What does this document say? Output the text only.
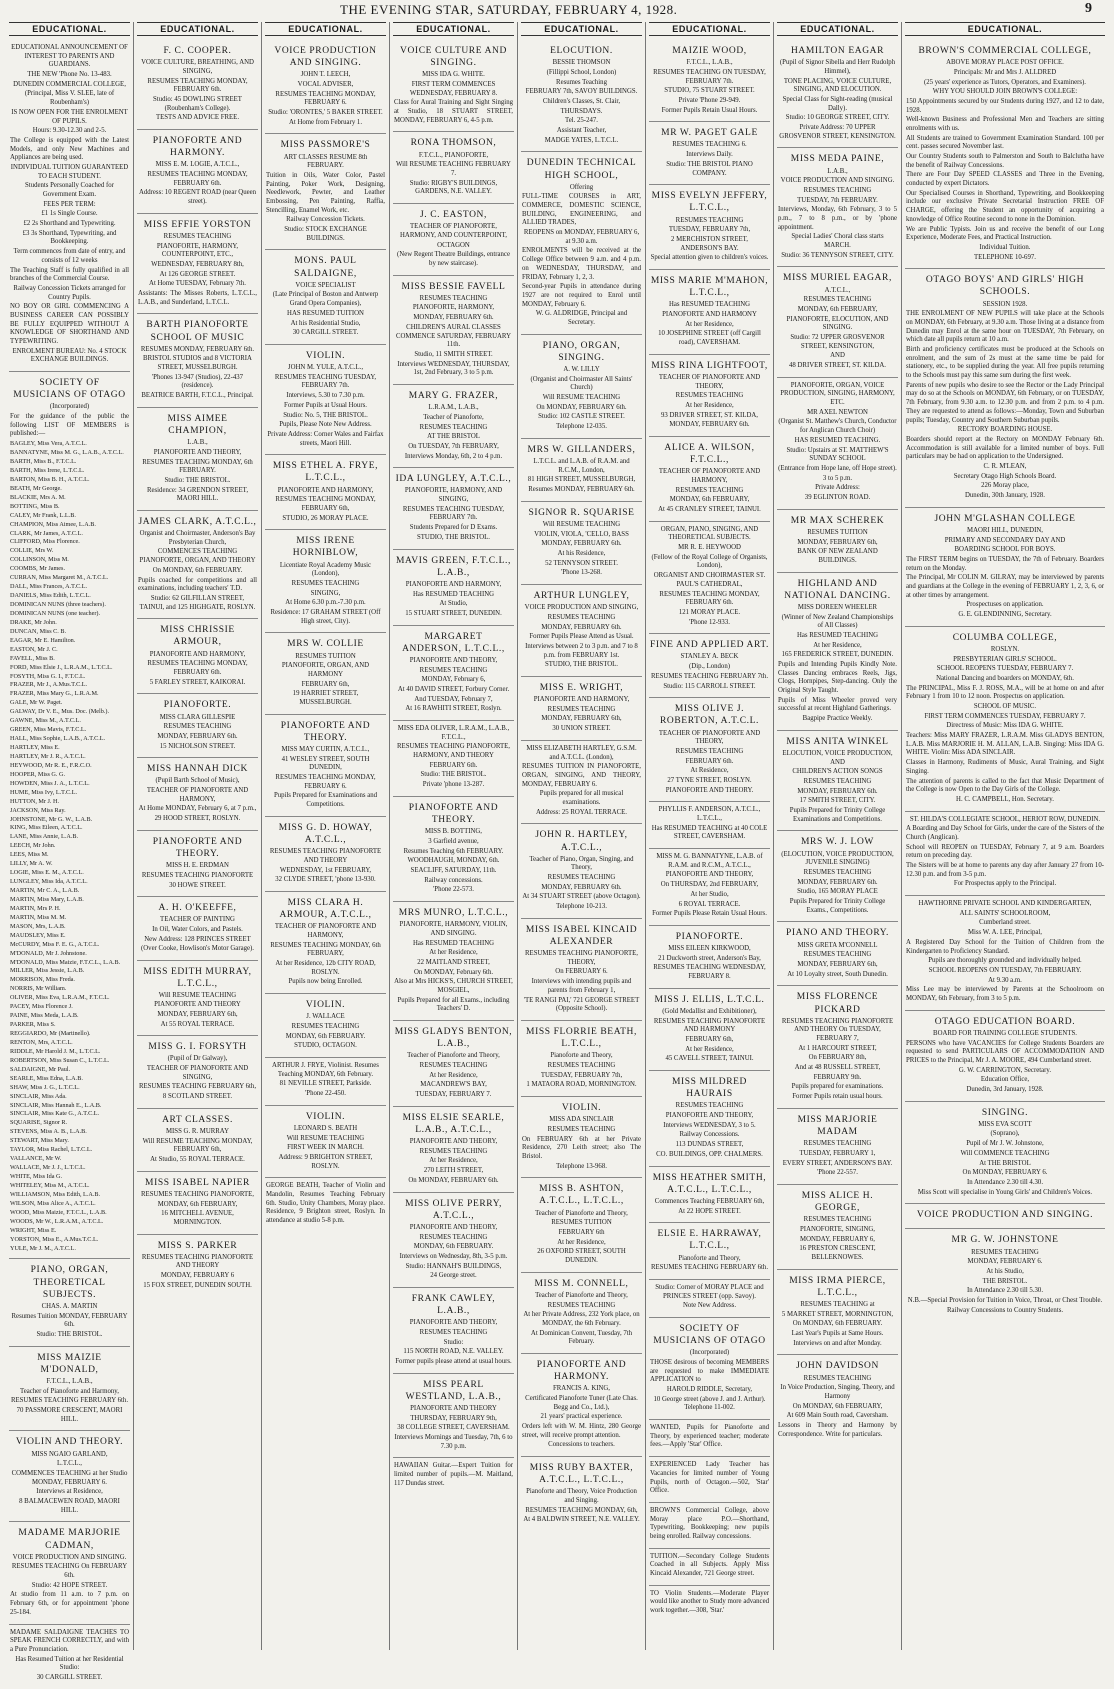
THE EVENING STAR, SATURDAY, FEBRUARY 4, 1928.	9
EDUCATIONAL.

EDUCATIONAL ANNOUNCEMENT OF INTEREST TO PARENTS AND GUARDIANS.

THE NEW 'Phone No. 13-483.

DUNEDIN COMMERCIAL COLLEGE,

(Principal, Miss V. SLEE, late of Roubenham's)

IS NOW OPEN FOR THE ENROLMENT OF PUPILS.

Hours: 9.30-12.30 and 2-5.

The College is equipped with the Latest Models, and only New Machines and Appliances are being used.

INDIVIDUAL TUITION GUARANTEED TO EACH STUDENT.

Students Personally Coached for Government Exam.

FEES PER TERM:

£1 1s Single Course.

£2 2s Shorthand and Typewriting.

£3 3s Shorthand, Typewriting, and Bookkeeping.

Term commences from date of entry, and consists of 12 weeks

The Teaching Staff is fully qualified in all branches of the Commercial Course.

Railway Concession Tickets arranged for Country Pupils.

NO BOY OR GIRL COMMENCING A BUSINESS CAREER CAN POSSIBLY BE FULLY EQUIPPED WITHOUT A KNOWLEDGE OF SHORTHAND AND TYPEWRITING.

ENROLMENT BUREAU: No. 4 STOCK EXCHANGE BUILDINGS.

SOCIETY OF MUSICIANS OF OTAGO

(Incorporated)

For the guidance of the public the following LIST OF MEMBERS is published:—

BAGLEY, Miss Vera, A.T.C.L.

BANNATYNE, Miss M. G., L.A.B., A.T.C.L.

BARTH, Miss B., F.T.C.L.

BARTH, Miss Irene, L.T.C.L.

BARTON, Miss B. H., A.T.C.L.

BEATH, Mr George.

BLACKIE, Mrs A. M.

BOTTING, Miss B.

CALEY, Mr Frank, L.L.B.

CHAMPION, Miss Aimee, L.A.B.

CLARK, Mr James, A.T.C.L.

CLIFFORD, Miss Florence.

COLLIE, Mrs W.

COLLINSON, Miss M.

COOMBS, Mr James.

CURRAN, Miss Margaret M., A.T.C.L.

DALL, Miss Frances, A.T.C.L.

DANIELS, Miss Edith, L.T.C.L.

DOMINICAN NUNS (three teachers).

DOMINICAN NUNS (one teacher).

DRAKE, Mr John.

DUNCAN, Miss C. B.

EAGAR, Mr E. Hamilton.

EASTON, Mr J. C.

FAVELL, Miss B.

FORD, Miss Elsie J., L.R.A.M., L.T.C.L.

FOSYTH, Miss G. I., F.T.C.L.

FRAZER, Mr J., A.Mus.T.C.L.

FRAZER, Miss Mary G., L.R.A.M.

GALE, Mr W. Paget.

GALWAY, Dr V. E., Mus. Doc. (Melb.).

GAWNE, Miss M., A.T.C.L.

GREEN, Miss Mavis, F.T.C.L.

HALL, Miss Sophie, L.A.B., A.T.C.L.

HARTLEY, Miss E.

HARTLEY, Mr J. R., A.T.C.L.

HEYWOOD, Mr R. E., F.R.C.O.

HOOPER, Miss G. G.

HOWDEN, Miss J. A., L.T.C.L.

HUME, Miss Ivy, L.T.C.L.

HUTTON, Mr J. H.

JACKSON, Miss Ray.

JOHNSTONE, Mr G. W., L.A.B.

KING, Miss Eileen, A.T.C.L.

LANE, Miss Annie, L.A.B.

LEECH, Mr John.

LEES, Miss M.

LILLY, Mr A. W.

LOGIE, Miss E. M., A.T.C.L.

LUNGLEY, Miss Ida, A.T.C.L.

MARTIN, Mr C. A., L.A.B.

MARTIN, Miss Mary, L.A.B.

MARTIN, Mrs P. H.

MARTIN, Miss M. M.

MASON, Mrs, L.A.B.

MAUDSLEY, Miss E.

McCURDY, Miss F. E. G., A.T.C.L.

M'DONALD, Mr J. Johnstone.

M'DONALD, Miss Maizie, F.T.C.L., L.A.B.

MILLER, Miss Jessie, L.A.B.

MORRISON, Miss Freda.

NORRIS, Mr William.

OLIVER, Miss Eva, L.R.A.M., F.T.C.L.

PACEY, Miss Florence J.

PAINE, Miss Meda, L.A.B.

PARKER, Miss S.

REGGIARDO, Mr (Martinello).

RENTON, Mrs, A.T.C.L.

RIDDLE, Mr Harold J. M., L.T.C.L.

ROBERTSON, Miss Susan C., L.T.C.L.

SALDAIGNE, Mr Paul.

SEARLE, Miss Edna, L.A.B.

SHAW, Miss J. G., L.T.C.L.

SINCLAIR, Miss Ada.

SINCLAIR, Miss Hannah E., L.A.B.

SINCLAIR, Miss Kate G., A.T.C.L.

SQUARISE, Signor R.

STEVENS, Miss A. B., L.A.B.

STEWART, Miss Mary.

TAYLOR, Miss Rachel, L.T.C.L.

VALLANCE, Mr W.

WALLACE, Mr J. J., L.T.C.L.

WHITE, Miss Ida G.

WHITELEY, Miss M., A.T.C.L.

WILLIAMSON, Miss Edith, L.A.B.

WILSON, Miss Alice A., A.T.C.L.

WOOD, Miss Maizie, F.T.C.L., L.A.B.

WOODS, Mr W., L.R.A.M., A.T.C.L.

WRIGHT, Miss E.

YORSTON, Miss E., A.Mus.T.C.L.

YULE, Mr J. M., A.T.C.L.

PIANO, ORGAN, THEORETICAL SUBJECTS.

CHAS. A. MARTIN

Resumes Tuition MONDAY, FEBRUARY 6th.

Studio: THE BRISTOL.

MISS MAIZIE M'DONALD,

F.T.C.L., L.A.B.,

Teacher of Pianoforte and Harmony,

RESUMES TEACHING FEBRUARY 6th.

70 PASSMORE CRESCENT, MAORI HILL.

VIOLIN AND THEORY.

MISS NGAIO GARLAND,

L.T.C.L.,

COMMENCES TEACHING at her Studio MONDAY, FEBRUARY 6.

Interviews at Residence,

8 BALMACEWEN ROAD, MAORI HILL.

MADAME MARJORIE CADMAN,

VOICE PRODUCTION AND SINGING.

RESUMES TEACHING On FEBRUARY 6th.

Studio: 42 HOPE STREET.

At studio from 11 a.m. to 7 p.m. on February 6th, or for appointment 'phone 25-184.

MADAME SALDAIGNE TEACHES TO SPEAK FRENCH CORRECTLY, and with a Pure Pronunciation.

Has Resumed Tuition at her Residential Studio:

30 CARGILL STREET.

EDUCATIONAL.

F. C. COOPER.

VOICE CULTURE, BREATHING, AND SINGING,

RESUMES TEACHING MONDAY, FEBRUARY 6th.

Studio: 45 DOWLING STREET (Roubenham's College).

TESTS AND ADVICE FREE.

PIANOFORTE AND HARMONY.

MISS E. M. LOGIE, A.T.C.L.,

RESUMES TEACHING MONDAY, FEBRUARY 6th.

Address: 10 REGENT ROAD (near Queen street).

MISS EFFIE YORSTON

RESUMES TEACHING

PIANOFORTE, HARMONY, COUNTERPOINT, ETC.,

WEDNESDAY, FEBRUARY 8th,

At 126 GEORGE STREET.

At Home TUESDAY, February 7th.

Assistants: The Misses Roberts, L.T.C.L., L.A.B., and Sunderland, L.T.C.L.

BARTH PIANOFORTE SCHOOL OF MUSIC

RESUMES MONDAY, FEBRUARY 6th.

BRISTOL STUDIOS and 8 VICTORIA STREET, MUSSELBURGH.

'Phones 13-947 (Studios), 22-437 (residence).

BEATRICE BARTH, F.T.C.L., Principal.

MISS AIMEE CHAMPION,

L.A.B.,

PIANOFORTE AND THEORY,

RESUMES TEACHING MONDAY, 6th FEBRUARY.

Studio: THE BRISTOL.

Residence: 34 GRENDON STREET, MAORI HILL.

JAMES CLARK, A.T.C.L.,

Organist and Choirmaster, Anderson's Bay Presbyterian Church,

COMMENCES TEACHING PIANOFORTE, ORGAN, AND THEORY

On MONDAY, 6th FEBRUARY.

Pupils coached for competitions and all examinations, including teachers' T.D.

Studio: 62 GILFILLAN STREET, TAINUI, and 125 HIGHGATE, ROSLYN.

MISS CHRISSIE ARMOUR,

PIANOFORTE AND HARMONY,

RESUMES TEACHING MONDAY, FEBRUARY 6th.

5 FARLEY STREET, KAIKORAI.

PIANOFORTE.

MISS CLARA GILLESPIE

RESUMES TEACHING

MONDAY, FEBRUARY 6th.

15 NICHOLSON STREET.

MISS HANNAH DICK

(Pupil Barth School of Music),

TEACHER OF PIANOFORTE AND HARMONY,

At Home MONDAY, February 6, at 7 p.m.,

29 HOOD STREET, ROSLYN.

PIANOFORTE AND THEORY.

MISS H. E. ERDMAN

RESUMES TEACHING PIANOFORTE

30 HOWE STREET.

A. H. O'KEEFFE,

TEACHER OF PAINTING

In Oil, Water Colors, and Pastels.

New Address: 128 PRINCES STREET

(Over Cooke, Howlison's Motor Garage).

MISS EDITH MURRAY, L.T.C.L.,

Will RESUME TEACHING PIANOFORTE AND THEORY

MONDAY, FEBRUARY 6th,

At 55 ROYAL TERRACE.

MISS G. I. FORSYTH

(Pupil of Dr Galway),

TEACHER OF PIANOFORTE AND SINGING,

RESUMES TEACHING FEBRUARY 6th,

8 SCOTLAND STREET.

ART CLASSES.

MISS G. R. MURRAY

Will RESUME TEACHING MONDAY, FEBRUARY 6th,

At Studio, 55 ROYAL TERRACE.

MISS ISABEL NAPIER

RESUMES TEACHING PIANOFORTE,

MONDAY, 6th FEBRUARY,

16 MITCHELL AVENUE, MORNINGTON.

MISS S. PARKER

RESUMES TEACHING PIANOFORTE AND THEORY

MONDAY, FEBRUARY 6

15 FOX STREET, DUNEDIN SOUTH.

EDUCATIONAL.

VOICE PRODUCTION AND SINGING.

JOHN T. LEECH,

VOCAL ADVISER,

RESUMES TEACHING MONDAY, FEBRUARY 6.

Studio: 'ORONTES,' 5 BAKER STREET.

At Home from February 1.

MISS PASSMORE'S

ART CLASSES RESUME 8th FEBRUARY.

Tuition in Oils, Water Color, Pastel Painting, Poker Work, Designing, Needlework, Pewter, and Leather Embossing, Pen Painting, Raffia, Stencilling, Enamel Work, etc.

Railway Concession Tickets.

Studio: STOCK EXCHANGE BUILDINGS.

MONS. PAUL SALDAIGNE,

VOICE SPECIALIST

(Late Principal of Boston and Antwerp Grand Opera Companies),

HAS RESUMED TUITION

At his Residential Studio,

30 CARGILL STREET.

VIOLIN.

JOHN M. YULE, A.T.C.L.,

RESUMES TEACHING TUESDAY, FEBRUARY 7th.

Interviews, 5.30 to 7.30 p.m.

Former Pupils at Usual Hours.

Studio: No. 5, THE BRISTOL.

Pupils, Please Note New Address.

Private Address: Corner Wales and Fairfax streets, Maori Hill.

MISS ETHEL A. FRYE, L.T.C.L.,

PIANOFORTE AND HARMONY,

RESUMES TEACHING MONDAY, FEBRUARY 6th,

STUDIO, 26 MORAY PLACE.

MISS IRENE HORNIBLOW,

Licentiate Royal Academy Music (London),

RESUMES TEACHING

SINGING,

At Home 6.30 p.m.-7.30 p.m.

Residence: 17 GRAHAM STREET (Off High street, City).

MRS W. COLLIE

RESUMES TUITION

PIANOFORTE, ORGAN, AND HARMONY

FEBRUARY 6th,

19 HARRIET STREET, MUSSELBURGH.

PIANOFORTE AND THEORY.

MISS MAY CURTIN, A.T.C.L.,

41 WESLEY STREET, SOUTH DUNEDIN,

RESUMES TEACHING MONDAY, FEBRUARY 6.

Pupils Prepared for Examinations and Competitions.

MISS G. D. HOWAY, A.T.C.L.,

RESUMES TEACHING PIANOFORTE AND THEORY

WEDNESDAY, 1st FEBRUARY,

32 CLYDE STREET, 'phone 13-930.

MISS CLARA H. ARMOUR, A.T.C.L.,

TEACHER OF PIANOFORTE AND HARMONY,

RESUMES TEACHING MONDAY, 6th FEBRUARY,

At her Residence, 12b CITY ROAD, ROSLYN.

Pupils now being Enrolled.

VIOLIN.

J. WALLACE

RESUMES TEACHING

MONDAY, 6th FEBRUARY.

STUDIO, OCTAGON.

ARTHUR J. FRYE, Violinist. Resumes Teaching MONDAY, 6th February.

81 NEVILLE STREET, Parkside.

'Phone 22-450.

VIOLIN.

LEONARD S. BEATH

Will RESUME TEACHING

FIRST WEEK IN MARCH.

Address: 9 BRIGHTON STREET, ROSLYN.

GEORGE BEATH, Teacher of Violin and Mandolin, Resumes Teaching February 6th. Studio, Unity Chambers, Moray place. Residence, 9 Brighton street, Roslyn. In attendance at studio 5-8 p.m.

EDUCATIONAL.

VOICE CULTURE AND SINGING.

MISS IDA G. WHITE.

FIRST TERM COMMENCES WEDNESDAY, FEBRUARY 8.

Class for Aural Training and Sight Singing at Studio, 18 STUART STREET, MONDAY, FEBRUARY 6, 4-5 p.m.

RONA THOMSON,

F.T.C.L., PIANOFORTE,

Will RESUME TEACHING FEBRUARY 7.

Studio: RIGBY'S BUILDINGS, GARDENS, N.E. VALLEY.

J. C. EASTON,

TEACHER OF PIANOFORTE, HARMONY, AND COUNTERPOINT,

OCTAGON

(New Regent Theatre Buildings, entrance by new staircase).

MISS BESSIE FAVELL

RESUMES TEACHING

PIANOFORTE, HARMONY,

MONDAY, FEBRUARY 6th.

CHILDREN'S AURAL CLASSES COMMENCE SATURDAY, FEBRUARY 11th.

Studio, 11 SMITH STREET.

Interviews WEDNESDAY, THURSDAY, 1st, 2nd February, 3 to 5 p.m.

MARY G. FRAZER,

L.R.A.M., L.A.B.,

Teacher of Pianoforte,

RESUMES TEACHING

AT THE BRISTOL

On TUESDAY, 7th FEBRUARY,

Interviews Monday, 6th, 2 to 4 p.m.

IDA LUNGLEY, A.T.C.L.,

PIANOFORTE, HARMONY, AND SINGING,

RESUMES TEACHING TUESDAY, FEBRUARY 7th.

Students Prepared for D Exams.

STUDIO, THE BRISTOL.

MAVIS GREEN, F.T.C.L., L.A.B.,

PIANOFORTE AND HARMONY,

Has RESUMED TEACHING

At Studio,

15 STUART STREET, DUNEDIN.

MARGARET ANDERSON, L.T.C.L.,

PIANOFORTE AND THEORY,

RESUMES TEACHING

MONDAY, February 6,

At 40 DAVID STREET, Forbury Corner.

And TUESDAY, February 7,

At 16 RAWHITI STREET, Roslyn.

MISS EDA OLIVER, L.R.A.M., L.A.B., F.T.C.L.,

RESUMES TEACHING PIANOFORTE, HARMONY, AND THEORY

FEBRUARY 6th.

Studio: THE BRISTOL.

Private 'phone 13-287.

PIANOFORTE AND THEORY.

MISS B. BOTTING,

3 Garfield avenue,

Resumes Teaching 6th FEBRUARY.

WOODHAUGH, MONDAY, 6th.

SEACLIFF, SATURDAY, 11th.

Railway concessions.

'Phone 22-573.

MRS MUNRO, L.T.C.L.,

PIANOFORTE, HARMONY, VIOLIN, AND SINGING.

Has RESUMED TEACHING

At her Residence,

22 MAITLAND STREET,

On MONDAY, February 6th.

Also at Mrs HICKS'S, CHURCH STREET, MOSGIEL,

Pupils Prepared for all Exams., including Teachers' D.

MISS GLADYS BENTON, L.A.B.,

Teacher of Pianoforte and Theory,

RESUMES TEACHING

At her Residence,

MACANDREW'S BAY,

TUESDAY, FEBRUARY 7.

MISS ELSIE SEARLE, L.A.B., A.T.C.L.,

PIANOFORTE AND THEORY,

RESUMES TEACHING

At her Residence,

270 LEITH STREET,

On MONDAY, FEBRUARY 6th.

MISS OLIVE PERRY, A.T.C.L.,

PIANOFORTE AND THEORY,

RESUMES TEACHING

MONDAY, 6th FEBRUARY.

Interviews on Wednesday, 8th, 3-5 p.m.

Studio: HANNAH'S BUILDINGS,

24 George street.

FRANK CAWLEY, L.A.B.,

PIANOFORTE AND THEORY,

RESUMES TEACHING

Studio:

115 NORTH ROAD, N.E. VALLEY.

Former pupils please attend at usual hours.

MISS PEARL WESTLAND, L.A.B.,

PIANOFORTE AND THEORY

THURSDAY, FEBRUARY 9th,

38 COLLEGE STREET, CAVERSHAM.

Interviews Mornings and Tuesday, 7th, 6 to 7.30 p.m.

HAWAIIAN Guitar.—Expert Tuition for limited number of pupils.—M. Maitland, 117 Dundas street.

EDUCATIONAL.

ELOCUTION.

BESSIE THOMSON

(Fillippi School, London)

Resumes Teaching

FEBRUARY 7th, SAVOY BUILDINGS.

Children's Classes, St. Clair,

THURSDAYS.

Tel. 25-247.

Assistant Teacher,

MADGE YATES, L.T.C.L.

DUNEDIN TECHNICAL HIGH SCHOOL,

Offering

FULL-TIME COURSES in ART, COMMERCE, DOMESTIC SCIENCE, BUILDING, ENGINEERING, and ALLIED TRADES,

REOPENS on MONDAY, FEBRUARY 6, at 9.30 a.m.

ENROLMENTS will be received at the College Office between 9 a.m. and 4 p.m. on WEDNESDAY, THURSDAY, and FRIDAY, February 1, 2, 3.

Second-year Pupils in attendance during 1927 are not required to Enrol until MONDAY, February 6.

W. G. ALDRIDGE, Principal and Secretary.

PIANO, ORGAN, SINGING.

A. W. LILLY

(Organist and Choirmaster All Saints' Church)

Will RESUME TEACHING

On MONDAY, FEBRUARY 6th.

Studio: 102 CASTLE STREET.

Telephone 12-035.

MRS W. GILLANDERS,

L.T.C.L. and L.A.B. of R.A.M. and R.C.M., London,

81 HIGH STREET, MUSSELBURGH,

Resumes MONDAY, FEBRUARY 6th.

SIGNOR R. SQUARISE

Will RESUME TEACHING

VIOLIN, VIOLA, 'CELLO, BASS

MONDAY, FEBRUARY 6th.

At his Residence,

52 TENNYSON STREET.

'Phone 13-268.

ARTHUR LUNGLEY,

VOICE PRODUCTION AND SINGING,

RESUMES TEACHING

MONDAY, FEBRUARY 6th.

Former Pupils Please Attend as Usual.

Interviews between 2 to 3 p.m. and 7 to 8 p.m. from FEBRUARY 1st.

STUDIO, THE BRISTOL.

MISS E. WRIGHT,

PIANOFORTE AND HARMONY,

RESUMES TEACHING

MONDAY, FEBRUARY 6th,

30 UNION STREET.

MISS ELIZABETH HARTLEY, G.S.M. and A.T.C.L. (London),

RESUMES TUITION IN PIANOFORTE, ORGAN, SINGING, AND THEORY, MONDAY, FEBRUARY 6.

Pupils prepared for all musical examinations.

Address: 25 ROYAL TERRACE.

JOHN R. HARTLEY, A.T.C.L.,

Teacher of Piano, Organ, Singing, and Theory,

RESUMES TEACHING

MONDAY, FEBRUARY 6th.

At 34 STUART STREET (above Octagon).

Telephone 10-213.

MISS ISABEL KINCAID ALEXANDER

RESUMES TEACHING PIANOFORTE, THEORY,

On FEBRUARY 6.

Interviews with intending pupils and parents from February 1,

'TE RANGI PAI,' 721 GEORGE STREET (Opposite School).

MISS FLORRIE BEATH, L.T.C.L.,

Pianoforte and Theory,

RESUMES TEACHING

TUESDAY, FEBRUARY 7th,

1 MATAORA ROAD, MORNINGTON.

VIOLIN.

MISS ADA SINCLAIR

RESUMES TEACHING

On FEBRUARY 6th at her Private Residence, 270 Leith street; also The Bristol.

Telephone 13-968.

MISS B. ASHTON, A.T.C.L., L.T.C.L.,

Teacher of Pianoforte and Theory,

RESUMES TUITION

FEBRUARY 6th

At her Residence,

26 OXFORD STREET, SOUTH DUNEDIN.

MISS M. CONNELL,

Teacher of Pianoforte and Theory,

RESUMES TEACHING

At her Private Address, 232 York place, on MONDAY, the 6th February.

At Dominican Convent, Tuesday, 7th February.

PIANOFORTE AND HARMONY.

FRANCIS A. KING,

Certificated Pianoforte Tuner (Late Chas. Begg and Co., Ltd.),

21 years' practical experience.

Orders left with W. M. Hintz, 280 George street, will receive prompt attention.

Concessions to teachers.

MISS RUBY BAXTER, A.T.C.L., L.T.C.L.,

Pianoforte and Theory, Voice Production and Singing.

RESUMES TEACHING MONDAY, 6th,

At 4 BALDWIN STREET, N.E. VALLEY.

EDUCATIONAL.

MAIZIE WOOD,

F.T.C.L., L.A.B.,

RESUMES TEACHING ON TUESDAY, FEBRUARY 7th.

STUDIO, 75 STUART STREET.

Private 'Phone 29-949.

Former Pupils Retain Usual Hours.

MR W. PAGET GALE

RESUMES TEACHING 6.

Interviews Daily.

Studio: THE BRISTOL PIANO COMPANY.

MISS EVELYN JEFFERY, L.T.C.L.,

RESUMES TEACHING

TUESDAY, FEBRUARY 7th,

2 MERCHISTON STREET, ANDERSON'S BAY.

Special attention given to children's voices.

MISS MARIE M'MAHON, L.T.C.L.,

Has RESUMED TEACHING

PIANOFORTE AND HARMONY

At her Residence,

10 JOSEPHINE STREET (off Cargill road), CAVERSHAM.

MISS RINA LIGHTFOOT,

TEACHER OF PIANOFORTE AND THEORY,

RESUMES TEACHING

At her Residence,

93 DRIVER STREET, ST. KILDA,

MONDAY, FEBRUARY 6th.

ALICE A. WILSON, F.T.C.L.,

TEACHER OF PIANOFORTE AND HARMONY,

RESUMES TEACHING

MONDAY, 6th FEBRUARY,

At 45 CRANLEY STREET, TAINUI.

ORGAN, PIANO, SINGING, AND THEORETICAL SUBJECTS.

MR R. E. HEYWOOD

(Fellow of the Royal College of Organists, London),

ORGANIST AND CHOIRMASTER ST. PAUL'S CATHEDRAL,

RESUMES TEACHING MONDAY, FEBRUARY 6th.

121 MORAY PLACE.

'Phone 12-933.

FINE AND APPLIED ART.

STANLEY A. BECK

(Dip., London)

RESUMES TEACHING FEBRUARY 7th.

Studio: 115 CARROLL STREET.

MISS OLIVE J. ROBERTON, A.T.C.L.

TEACHER OF PIANOFORTE AND THEORY,

RESUMES TEACHING

FEBRUARY 6th.

At Residence,

27 TYNE STREET, ROSLYN.

PIANOFORTE AND THEORY.

PHYLLIS F. ANDERSON, A.T.C.L., L.T.C.L.,

Has RESUMED TEACHING at 40 COLE STREET, CAVERSHAM.

MISS M. G. BANNATYNE, L.A.B. of R.A.M. and R.C.M., A.T.C.L.,

PIANOFORTE AND THEORY,

On THURSDAY, 2nd FEBRUARY,

At her Studio,

6 ROYAL TERRACE.

Former Pupils Please Retain Usual Hours.

PIANOFORTE.

MISS EILEEN KIRKWOOD,

21 Duckworth street, Anderson's Bay,

RESUMES TEACHING WEDNESDAY, FEBRUARY 8.

MISS J. ELLIS, L.T.C.L.

(Gold Medallist and Exhibitioner),

RESUMES TEACHING PIANOFORTE AND HARMONY

FEBRUARY 6th,

At her Residence,

45 CAVELL STREET, TAINUI.

MISS MILDRED HAURAIS

RESUMES TEACHING

PIANOFORTE AND THEORY,

Interviews WEDNESDAY, 3 to 5.

Railway Concessions.

113 DUNDAS STREET,

CO. BUILDINGS, OPP. CHALMERS.

MISS HEATHER SMITH, A.T.C.L., L.T.C.L.,

Commences Teaching FEBRUARY 6th,

At 22 HOPE STREET.

ELSIE E. HARRAWAY, L.T.C.L.,

Pianoforte and Theory,

RESUMES TEACHING FEBRUARY 6th.

Studio: Corner of MORAY PLACE and PRINCES STREET (opp. Savoy).

Note New Address.

SOCIETY OF MUSICIANS OF OTAGO

(Incorporated)

THOSE desirous of becoming MEMBERS are requested to make IMMEDIATE APPLICATION to

HAROLD RIDDLE, Secretary,

10 George street (above J. and J. Arthur). Telephone 11-002.

WANTED, Pupils for Pianoforte and Theory, by experienced teacher; moderate fees.—Apply 'Star' Office.

EXPERIENCED Lady Teacher has Vacancies for limited number of Young Pupils, north of Octagon.—502, 'Star' Office.

BROWN'S Commercial College, above Moray place P.O.—Shorthand, Typewriting, Bookkeeping; new pupils being enrolled. Railway concessions.

TUITION.—Secondary College Students Coached in all Subjects. Apply Miss Kincaid Alexander, 721 George street.

TO Violin Students.—Moderate Player would like another to Study more advanced work together.—308, 'Star.'

EDUCATIONAL.

HAMILTON EAGAR

(Pupil of Signor Sibella and Herr Rudolph Himmel),

TONE PLACING, VOICE CULTURE, SINGING, AND ELOCUTION.

Special Class for Sight-reading (musical Dally).

Studio: 10 GEORGE STREET, CITY.

Private Address: 70 UPPER GROSVENOR STREET, KENSINGTON.

MISS MEDA PAINE,

L.A.B.,

VOICE PRODUCTION AND SINGING.

RESUMES TEACHING

TUESDAY, 7th FEBRUARY.

Interviews, Monday, 6th February, 3 to 5 p.m., 7 to 8 p.m., or by 'phone appointment.

Special Ladies' Choral class starts MARCH.

Studio: 36 TENNYSON STREET, CITY.

MISS MURIEL EAGAR,

A.T.C.L.,

RESUMES TEACHING

MONDAY, 6th FEBRUARY,

PIANOFORTE, ELOCUTION, AND SINGING.

Studio: 72 UPPER GROSVENOR STREET, KENSINGTON,

AND

48 DRIVER STREET, ST. KILDA.

PIANOFORTE, ORGAN, VOICE PRODUCTION, SINGING, HARMONY, ETC.

MR AXEL NEWTON

(Organist St. Matthew's Church, Conductor for Anglican Church Choir)

HAS RESUMED TEACHING.

Studio: Upstairs at ST. MATTHEW'S SUNDAY SCHOOL

(Entrance from Hope lane, off Hope street).

3 to 5 p.m.

Private Address:

39 EGLINTON ROAD.

MR MAX SCHEREK

RESUMES TUITION

MONDAY, FEBRUARY 6th,

BANK OF NEW ZEALAND BUILDINGS.

HIGHLAND AND NATIONAL DANCING.

MISS DOREEN WHEELER

(Winner of New Zealand Championships of All Classes)

Has RESUMED TEACHING

At her Residence,

165 FREDERICK STREET, DUNEDIN.

Pupils and Intending Pupils Kindly Note. Classes Dancing embraces Reels, Jigs, Clogs, Hornpipes, Step-dancing. Only the Original Style Taught.

Pupils of Miss Wheeler proved very successful at recent Highland Gatherings.

Bagpipe Practice Weekly.

MISS ANITA WINKEL

ELOCUTION, VOICE PRODUCTION, AND

CHILDREN'S ACTION SONGS

RESUMES TEACHING

MONDAY, FEBRUARY 6th.

17 SMITH STREET, CITY.

Pupils Prepared for Trinity College Examinations and Competitions.

MRS W. J. LOW

(ELOCUTION, VOICE PRODUCTION, JUVENILE SINGING)

RESUMES TEACHING

MONDAY, FEBRUARY 6th.

Studio, 165 MORAY PLACE

Pupils Prepared for Trinity College Exams., Competitions.

PIANO AND THEORY.

MISS GRETA M'CONNELL

RESUMES TEACHING

MONDAY, FEBRUARY 6th,

At 10 Loyalty street, South Dunedin.

MISS FLORENCE PICKARD

RESUMES TEACHING PIANOFORTE AND THEORY On TUESDAY, FEBRUARY 7,

At 1 HARCOURT STREET,

On FEBRUARY 8th,

And at 48 RUSSELL STREET,

FEBRUARY 9th.

Pupils prepared for examinations.

Former Pupils retain usual hours.

MISS MARJORIE MADAM

RESUMES TEACHING

TUESDAY, FEBRUARY 1,

EVERY STREET, ANDERSON'S BAY.

'Phone 22-557.

MISS ALICE H. GEORGE,

RESUMES TEACHING

PIANOFORTE, SINGING,

MONDAY, FEBRUARY 6,

16 PRESTON CRESCENT, BELLEKNOWES.

MISS IRMA PIERCE, L.T.C.L.,

RESUMES TEACHING at

5 MARKET STREET, MORNINGTON,

On MONDAY, 6th FEBRUARY.

Last Year's Pupils at Same Hours.

Interviews on and after Monday.

JOHN DAVIDSON

RESUMES TEACHING

In Voice Production, Singing, Theory, and Harmony

On MONDAY, 6th FEBRUARY,

At 609 Main South road, Caversham.

Lessons in Theory and Harmony by Correspondence. Write for particulars.

EDUCATIONAL.

BROWN'S COMMERCIAL COLLEGE,

ABOVE MORAY PLACE POST OFFICE.

Principals: Mr and Mrs J. ALLDRED

(25 years' experience as Tutors, Operators, and Examiners).

WHY YOU SHOULD JOIN BROWN'S COLLEGE:

150 Appointments secured by our Students during 1927, and 12 to date, 1928.

Well-known Business and Professional Men and Teachers are sitting enrolments with us.

All Students are trained to Government Examination Standard. 100 per cent. passes secured November last.

Our Country Students south to Palmerston and South to Balclutha have the benefit of Railway Concessions.

There are Four Day SPEED CLASSES and Three in the Evening, conducted by expert Dictators.

Our Specialised Courses in Shorthand, Typewriting, and Bookkeeping include our exclusive Private Secretarial Instruction FREE OF CHARGE, offering the Student an opportunity of acquiring a knowledge of Office Routine second to none in the Dominion.

We are Public Typists. Join us and receive the benefit of our Long Experience, Moderate Fees, and Practical Instruction.

Individual Tuition.

TELEPHONE 10-697.

OTAGO BOYS' AND GIRLS' HIGH SCHOOLS.

SESSION 1928.

THE ENROLMENT OF NEW PUPILS will take place at the Schools on MONDAY, 6th February, at 9.30 a.m. Those living at a distance from Dunedin may Enrol at the same hour on TUESDAY, 7th February, on which date all pupils return at 10 a.m.

Birth and proficiency certificates must be produced at the Schools on enrolment, and the sum of 2s must at the same time be paid for stationery, etc., to be supplied during the year. All free pupils returning to the Schools must pay this same sum during the first week.

Parents of new pupils who desire to see the Rector or the Lady Principal may do so at the Schools on MONDAY, 6th February, or on TUESDAY, 7th February, from 9.30 a.m. to 12.30 p.m. and from 2 p.m. to 4 p.m. They are requested to attend as follows:—Monday, Town and Suburban pupils; Tuesday, Country and Southern Suburban pupils.

RECTORY BOARDING HOUSE.

Boarders should report at the Rectory on MONDAY February 6th. Accommodation is still available for a limited number of boys. Full particulars may be had on application to the Undersigned.

C. R. M'LEAN,

Secretary Otago High Schools Board.

226 Moray place,

Dunedin, 30th January, 1928.

JOHN M'GLASHAN COLLEGE

MAORI HILL, DUNEDIN,

PRIMARY AND SECONDARY DAY AND

BOARDING SCHOOL FOR BOYS.

The FIRST TERM begins on TUESDAY, the 7th of February. Boarders return on the Monday.

The Principal, Mr COLIN M. GILRAY, may be interviewed by parents and guardians at the College in the evening of FEBRUARY 1, 2, 3, 6, or at other times by arrangement.

Prospectuses on application.

G. E. GLENDINNING, Secretary.

COLUMBA COLLEGE,

ROSLYN.

PRESBYTERIAN GIRLS' SCHOOL.

SCHOOL REOPENS TUESDAY, FEBRUARY 7.

National Dancing and boarders on MONDAY, 6th.

The PRINCIPAL, Miss F. J. ROSS, M.A., will be at home on and after February 1 from 10 to 12 noon. Prospectus on application.

SCHOOL OF MUSIC.

FIRST TERM COMMENCES TUESDAY, FEBRUARY 7.

Directress of Music: Miss IDA G. WHITE.

Teachers: Miss MARY FRAZER, L.R.A.M. Miss GLADYS BENTON, L.A.B. Miss MARJORIE H. M. ALLAN, L.A.B. Singing: Miss IDA G. WHITE. Violin: Miss ADA SINCLAIR.

Classes in Harmony, Rudiments of Music, Aural Training, and Sight Singing.

The attention of parents is called to the fact that Music Department of the College is now Open to the Day Girls of the College.

H. C. CAMPBELL, Hon. Secretary.

ST. HILDA'S COLLEGIATE SCHOOL, HERIOT ROW, DUNEDIN.

A Boarding and Day School for Girls, under the care of the Sisters of the Church (Anglican).

School will REOPEN on TUESDAY, February 7, at 9 a.m. Boarders return on preceding day.

The Sisters will be at home to parents any day after January 27 from 10-12.30 p.m. and from 3-5 p.m.

For Prospectus apply to the Principal.

HAWTHORNE PRIVATE SCHOOL AND KINDERGARTEN,

ALL SAINTS' SCHOOLROOM,

Cumberland street.

Miss W. A. LEE, Principal,

A Registered Day School for the Tuition of Children from the Kindergarten to Proficiency Standard.

Pupils are thoroughly grounded and individually helped.

SCHOOL REOPENS ON TUESDAY, 7th FEBRUARY.

At 9.30 a.m.

Miss Lee may be interviewed by Parents at the Schoolroom on MONDAY, 6th February, from 3 to 5 p.m.

OTAGO EDUCATION BOARD.

BOARD FOR TRAINING COLLEGE STUDENTS.

PERSONS who have VACANCIES for College Students Boarders are requested to send PARTICULARS OF ACCOMMODATION AND PRICES to the Principal, Mr J. A. MOORE, 494 Cumberland street.

G. W. CARRINGTON, Secretary.

Education Office,

Dunedin, 3rd January, 1928.

SINGING.

MISS EVA SCOTT

(Soprano),

Pupil of Mr J. W. Johnstone,

Will COMMENCE TEACHING

At THE BRISTOL

On MONDAY, FEBRUARY 6.

In Attendance 2.30 till 4.30.

Miss Scott will specialise in Young Girls' and Children's Voices.

VOICE PRODUCTION AND SINGING.

MR G. W. JOHNSTONE

RESUMES TEACHING

MONDAY, FEBRUARY 6.

At his Studio,

THE BRISTOL.

In Attendance 2.30 till 5.30.

N.B.—Special Provision for Tuition in Voice, Throat, or Chest Trouble.

Railway Concessions to Country Students.
